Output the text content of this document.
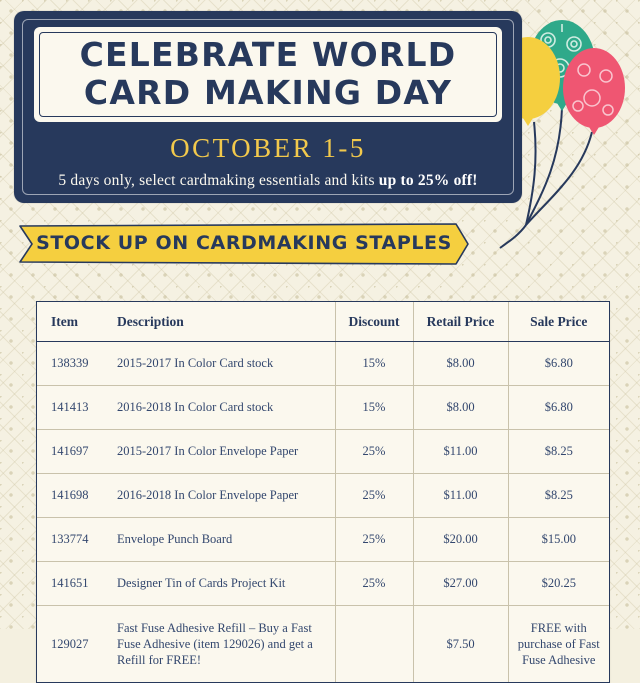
CELEBRATE WORLD
CARD MAKING DAY
OCTOBER 1-5
5 days only, select cardmaking essentials and kits up to 25% off!
STOCK UP ON CARDMAKING STAPLES
Item	Description	Discount	Retail Price	Sale Price
138339	2015-2017 In Color Card stock	15%	$8.00	$6.80
141413	2016-2018 In Color Card stock	15%	$8.00	$6.80
141697	2015-2017 In Color Envelope Paper	25%	$11.00	$8.25
141698	2016-2018 In Color Envelope Paper	25%	$11.00	$8.25
133774	Envelope Punch Board	25%	$20.00	$15.00
141651	Designer Tin of Cards Project Kit	25%	$27.00	$20.25
129027	Fast Fuse Adhesive Refill – Buy a Fast Fuse Adhesive (item 129026) and get a Refill for FREE!		$7.50	FREE with purchase of Fast Fuse Adhesive
